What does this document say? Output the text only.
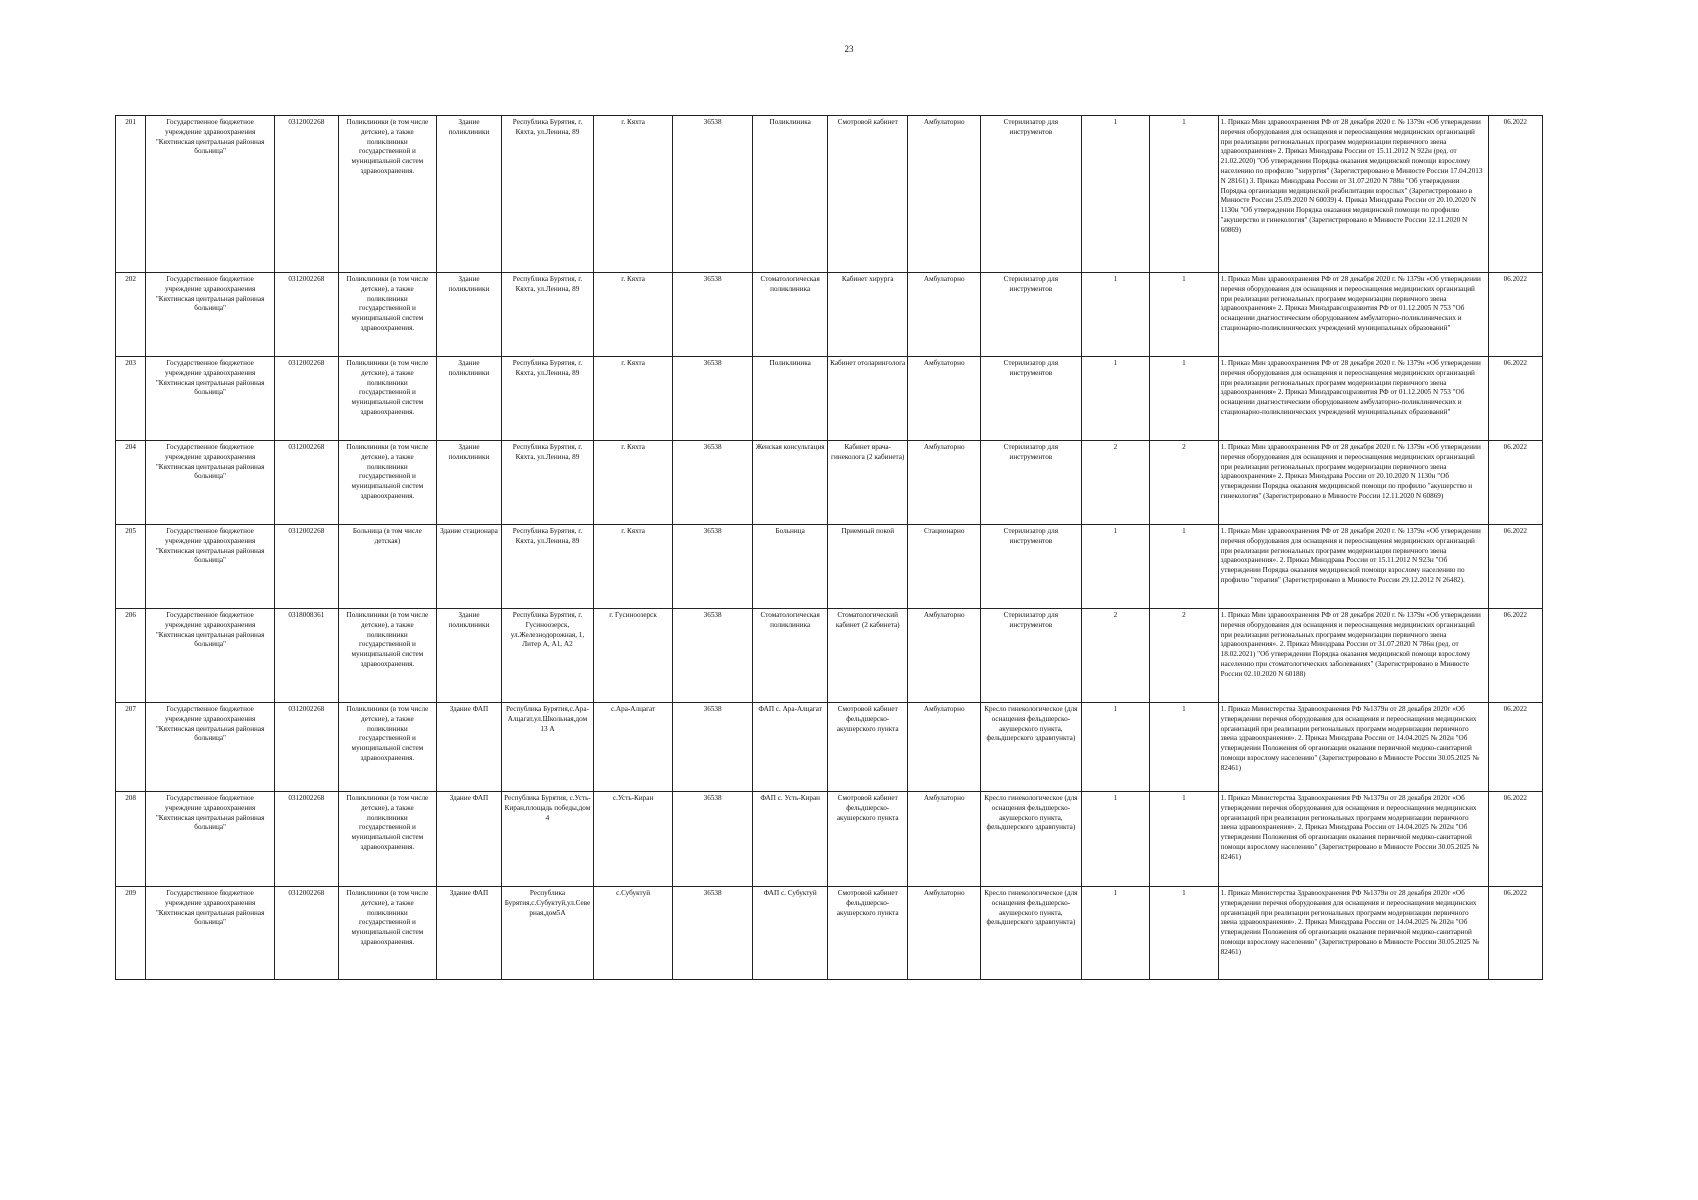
23
201	Государственное бюджетное учреждение здравоохранения "Кяхтинская центральная районная больница"	0312002268	Поликлиники (в том числе детские), а также поликлиники государственной и муниципальной систем здравоохранения.	Здание поликлиники	Республика Бурятия, г. Кяхта, ул.Ленина, 89	г. Кяхта	36538	Поликлиника	Смотровой кабинет	Амбулаторно	Стерилизатор для инструментов	1	1	1. Приказ Мин здравоохранения РФ от 28 декабря 2020 г. № 1379н «Об утверждении перечня оборудования для оснащения и переоснащения медицинских организаций при реализации региональных программ модернизации первичного звена здравоохранения» 2. Приказ Минздрава России от 15.11.2012 N 922н (ред. от 21.02.2020) "Об утверждении Порядка оказания медицинской помощи взрослому населению по профилю "хирургия" (Зарегистрировано в Минюсте России 17.04.2013 N 28161) 3. Приказ Минздрава России от 31.07.2020 N 788н "Об утверждении Порядка организации медицинской реабилитации взрослых" (Зарегистрировано в Минюсте России 25.09.2020 N 60039) 4. Приказ Минздрава России от 20.10.2020 N 1130н "Об утверждении Порядка оказания медицинской помощи по профилю "акушерство и гинекология" (Зарегистрировано в Минюсте России 12.11.2020 N 60869)	06.2022
202	Государственное бюджетное учреждение здравоохранения "Кяхтинская центральная районная больница"	0312002268	Поликлиники (в том числе детские), а также поликлиники государственной и муниципальной систем здравоохранения.	Здание поликлиники	Республика Бурятия, г. Кяхта, ул.Ленина, 89	г. Кяхта	36538	Стоматологическая поликлиника	Кабинет хирурга	Амбулаторно	Стерилизатор для инструментов	1	1	1. Приказ Мин здравоохранения РФ от 28 декабря 2020 г. № 1379н «Об утверждении перечня оборудования для оснащения и переоснащения медицинских организаций при реализации региональных программ модернизации первичного звена здравоохранения» 2. Приказ Минздравсоцразвития РФ от 01.12.2005 N 753 "Об оснащении диагностическим оборудованием амбулаторно-поликлинических и стационарно-поликлинических учреждений муниципальных образований"	06.2022
203	Государственное бюджетное учреждение здравоохранения "Кяхтинская центральная районная больница"	0312002268	Поликлиники (в том числе детские), а также поликлиники государственной и муниципальной систем здравоохранения.	Здание поликлиники	Республика Бурятия, г. Кяхта, ул.Ленина, 89	г. Кяхта	36538	Поликлиника	Кабинет отоларинголога	Амбулаторно	Стерилизатор для инструментов	1	1	1. Приказ Мин здравоохранения РФ от 28 декабря 2020 г. № 1379н «Об утверждении перечня оборудования для оснащения и переоснащения медицинских организаций при реализации региональных программ модернизации первичного звена здравоохранения» 2. Приказ Минздравсоцразвития РФ от 01.12.2005 N 753 "Об оснащении диагностическим оборудованием амбулаторно-поликлинических и стационарно-поликлинических учреждений муниципальных образований"	06.2022
204	Государственное бюджетное учреждение здравоохранения "Кяхтинская центральная районная больница"	0312002268	Поликлиники (в том числе детские), а также поликлиники государственной и муниципальной систем здравоохранения.	Здание поликлиники	Республика Бурятия, г. Кяхта, ул.Ленина, 89	г. Кяхта	36538	Женская консультация	Кабинет врача-гинеколога (2 кабинета)	Амбулаторно	Стерилизатор для инструментов	2	2	1. Приказ Мин здравоохранения РФ от 28 декабря 2020 г. № 1379н «Об утверждении перечня оборудования для оснащения и переоснащения медицинских организаций при реализации региональных программ модернизации первичного звена здравоохранения» 2. Приказ Минздрава России от 20.10.2020 N 1130н "Об утверждении Порядка оказания медицинской помощи по профилю "акушерство и гинекология" (Зарегистрировано в Минюсте России 12.11.2020 N 60869)	06.2022
205	Государственное бюджетное учреждение здравоохранения "Кяхтинская центральная районная больница"	0312002268	Больница (в том числе детская)	Здание стационара	Республика Бурятия, г. Кяхта, ул.Ленина, 89	г. Кяхта	36538	Больница	Приемный покой	Стационарно	Стерилизатор для инструментов	1	1	1. Приказ Мин здравоохранения РФ от 28 декабря 2020 г. № 1379н «Об утверждении перечня оборудования для оснащения и переоснащения медицинских организаций при реализации региональных программ модернизации первичного звена здравоохранения». 2. Приказ Минздрава России от 15.11.2012 N 923н "Об утверждении Порядка оказания медицинской помощи взрослому населению по профилю "терапия" (Зарегистрировано в Минюсте России 29.12.2012 N 26482).	06.2022
206	Государственное бюджетное учреждение здравоохранения "Кяхтинская центральная районная больница"	0318008361	Поликлиники (в том числе детские), а также поликлиники государственной и муниципальной систем здравоохранения.	Здание поликлиники	Республика Бурятия, г. Гусиноозерск, ул.Железнодорожная, 1, Литер А, А1, А2	г. Гусиноозерск	36538	Стоматологическая поликлиника	Стоматологический кабинет (2 кабинета)	Амбулаторно	Стерилизатор для инструментов	2	2	1. Приказ Мин здравоохранения РФ от 28 декабря 2020 г. № 1379н «Об утверждении перечня оборудования для оснащения и переоснащения медицинских организаций при реализации региональных программ модернизации первичного звена здравоохранения». 2. Приказ Минздрава России от 31.07.2020 N 786н (ред. от 18.02.2021) "Об утверждении Порядка оказания медицинской помощи взрослому населению при стоматологических заболеваниях" (Зарегистрировано в Минюсте России 02.10.2020 N 60188)	06.2022
207	Государственное бюджетное учреждение здравоохранения "Кяхтинская центральная районная больница"	0312002268	Поликлиники (в том числе детские), а также поликлиники государственной и муниципальной систем здравоохранения.	Здание ФАП	Республика Бурятия,с.Ара-Алцагат,ул.Школьная,дом 13 А	с.Ара-Алцагат	36538	ФАП с. Ара-Алцагат	Смотровой кабинет фельдшерско-акушерского пункта	Амбулаторно	Кресло гинекологическое (для оснащения фельдшерско-акушерского пункта, фельдшерского здравпункта)	1	1	1. Приказ Министерства Здравоохранения РФ №1379н от 28 декабря 2020г «Об утверждении перечня оборудования для оснащения и переоснащения медицинских организаций при реализации региональных программ модернизации первичного звена здравоохранения». 2. Приказ Минздрава России от 14.04.2025 № 202н "Об утверждении Положения об организации оказания первичной медико-санитарной помощи взрослому населению" (Зарегистрировано в Минюсте России 30.05.2025 № 82461)	06.2022
208	Государственное бюджетное учреждение здравоохранения "Кяхтинская центральная районная больница"	0312002268	Поликлиники (в том числе детские), а также поликлиники государственной и муниципальной систем здравоохранения.	Здание ФАП	Республика Бурятия, с.Усть-Киран,площадь победы,дом 4	с.Усть-Киран	36538	ФАП с. Усть-Киран	Смотровой кабинет фельдшерско-акушерского пункта	Амбулаторно	Кресло гинекологическое (для оснащения фельдшерско-акушерского пункта, фельдшерского здравпункта)	1	1	1. Приказ Министерства Здравоохранения РФ №1379н от 28 декабря 2020г «Об утверждении перечня оборудования для оснащения и переоснащения медицинских организаций при реализации региональных программ модернизации первичного звена здравоохранения». 2. Приказ Минздрава России от 14.04.2025 № 202н "Об утверждении Положения об организации оказания первичной медико-санитарной помощи взрослому населению" (Зарегистрировано в Минюсте России 30.05.2025 № 82461)	06.2022
209	Государственное бюджетное учреждение здравоохранения "Кяхтинская центральная районная больница"	0312002268	Поликлиники (в том числе детские), а также поликлиники государственной и муниципальной систем здравоохранения.	Здание ФАП	Республика Бурятия,с.Субуктуй,ул.Северная,дом5А	с.Субуктуй	36538	ФАП с. Субуктуй	Смотровой кабинет фельдшерско-акушерского пункта	Амбулаторно	Кресло гинекологическое (для оснащения фельдшерско-акушерского пункта, фельдшерского здравпункта)	1	1	1. Приказ Министерства Здравоохранения РФ №1379н от 28 декабря 2020г «Об утверждении перечня оборудования для оснащения и переоснащения медицинских организаций при реализации региональных программ модернизации первичного звена здравоохранения». 2. Приказ Минздрава России от 14.04.2025 № 202н "Об утверждении Положения об организации оказания первичной медико-санитарной помощи взрослому населению" (Зарегистрировано в Минюсте России 30.05.2025 № 82461)	06.2022
